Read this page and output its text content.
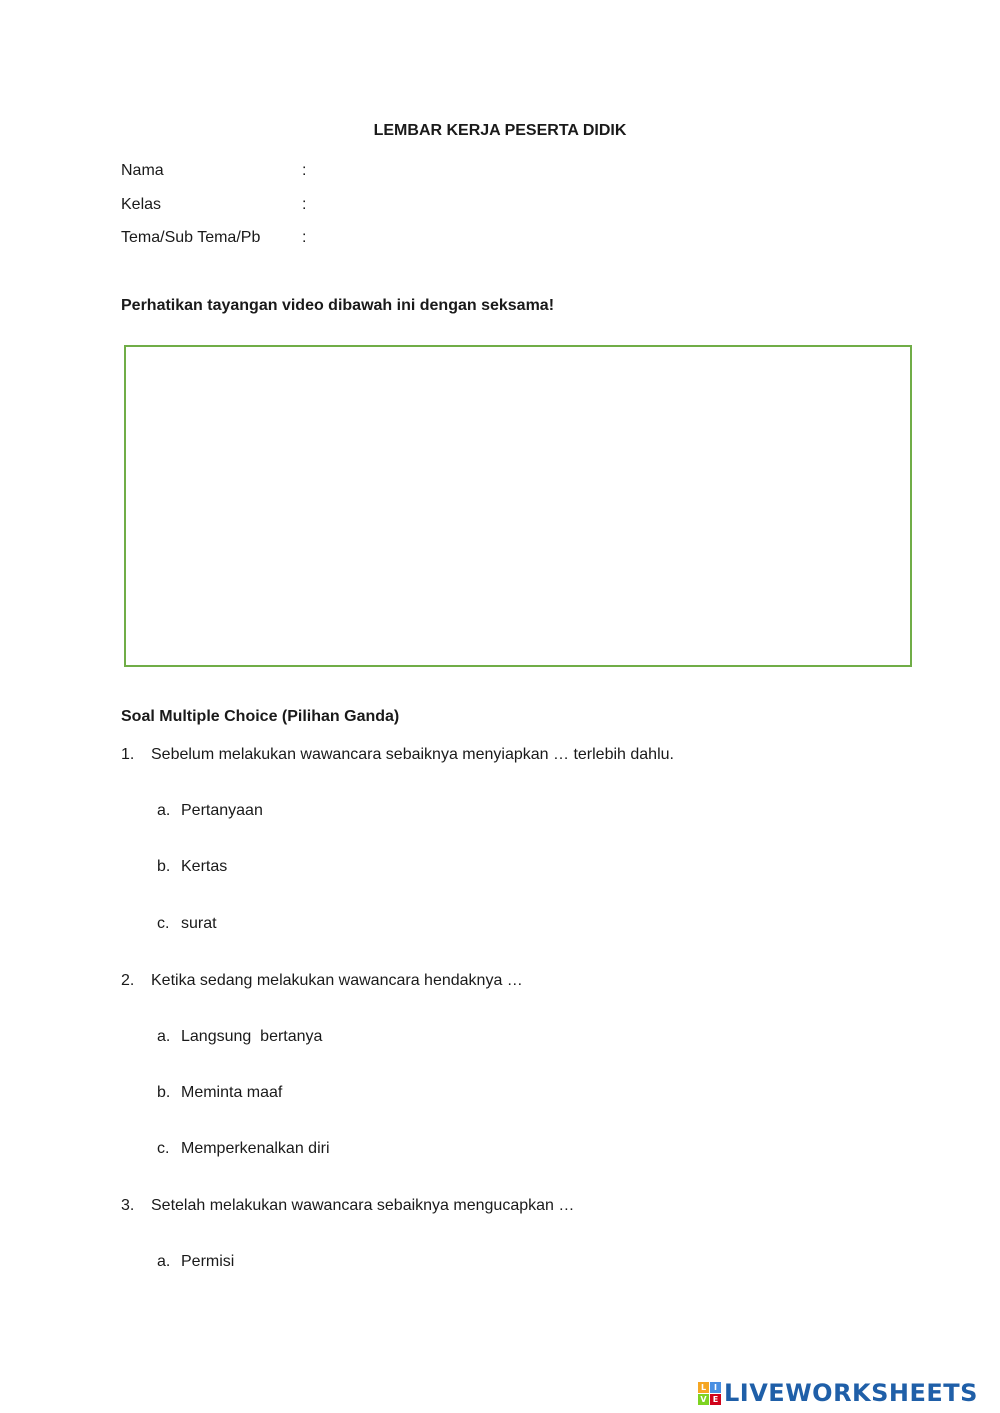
LEMBAR KERJA PESERTA DIDIK
Nama	:
Kelas	:
Tema/Sub Tema/Pb	:
Perhatikan tayangan video dibawah ini dengan seksama!
Soal Multiple Choice (Pilihan Ganda)
1. Sebelum melakukan wawancara sebaiknya menyiapkan … terlebih dahlu.
a. Pertanyaan
b. Kertas
c. surat
2. Ketika sedang melakukan wawancara hendaknya …
a. Langsung  bertanya
b. Meminta maaf
c. Memperkenalkan diri
3. Setelah melakukan wawancara sebaiknya mengucapkan …
a. Permisi
L I
V E LIVEWORKSHEETS
